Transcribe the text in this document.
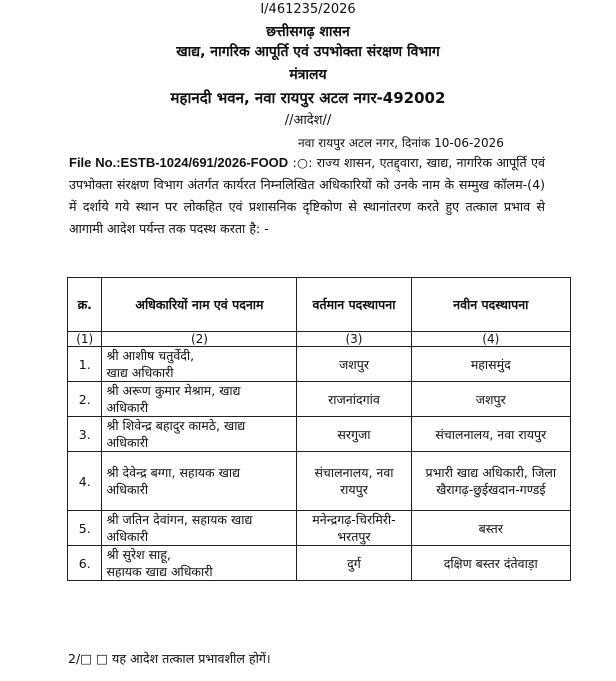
I/461235/2026
छत्तीसगढ़ शासन
खाद्य, नागरिक आपूर्ति एवं उपभोक्ता संरक्षण विभाग
मंत्रालय
महानदी भवन, नवा रायपुर अटल नगर-492002
//आदेश//
नवा रायपुर अटल नगर, दिनांक 10-06-2026
File No.:ESTB-1024/691/2026-FOOD :○: राज्य शासन, एतद्द्वारा, खाद्य, नागरिक आपूर्ति एवं उपभोक्ता संरक्षण विभाग अंतर्गत कार्यरत निम्नलिखित अधिकारियों को उनके नाम के सम्मुख कॉलम-(4) में दर्शाये गये स्थान पर लोकहित एवं प्रशासनिक दृष्टिकोण से स्थानांतरण करते हुए तत्काल प्रभाव से आगामी आदेश पर्यन्त तक पदस्थ करता है: -
क्र.	अधिकारियों नाम एवं पदनाम	वर्तमान पदस्थापना	नवीन पदस्थापना
(1)	(2)	(3)	(4)
1.	श्री आशीष चतुर्वेदी,
खाद्य अधिकारी	जशपुर	महासमुंद
2.	श्री अरूण कुमार मेश्राम, खाद्य
अधिकारी	राजनांदगांव	जशपुर
3.	श्री शिवेन्द्र बहादुर कामठे, खाद्य
अधिकारी	सरगुजा	संचालनालय, नवा रायपुर
4.	श्री देवेन्द्र बग्गा, सहायक खाद्य
अधिकारी	संचालनालय, नवा रायपुर	प्रभारी खाद्य अधिकारी, जिला खैरागढ़-छुईखदान-गण्डई
5.	श्री जतिन देवांगन, सहायक खाद्य
अधिकारी	मनेन्द्रगढ़-चिरमिरी-भरतपुर	बस्तर
6.	श्री सुरेश साहू,
सहायक खाद्य अधिकारी	दुर्ग	दक्षिण बस्तर दंतेवाड़ा
2/□ □ यह आदेश तत्काल प्रभावशील होगें।
